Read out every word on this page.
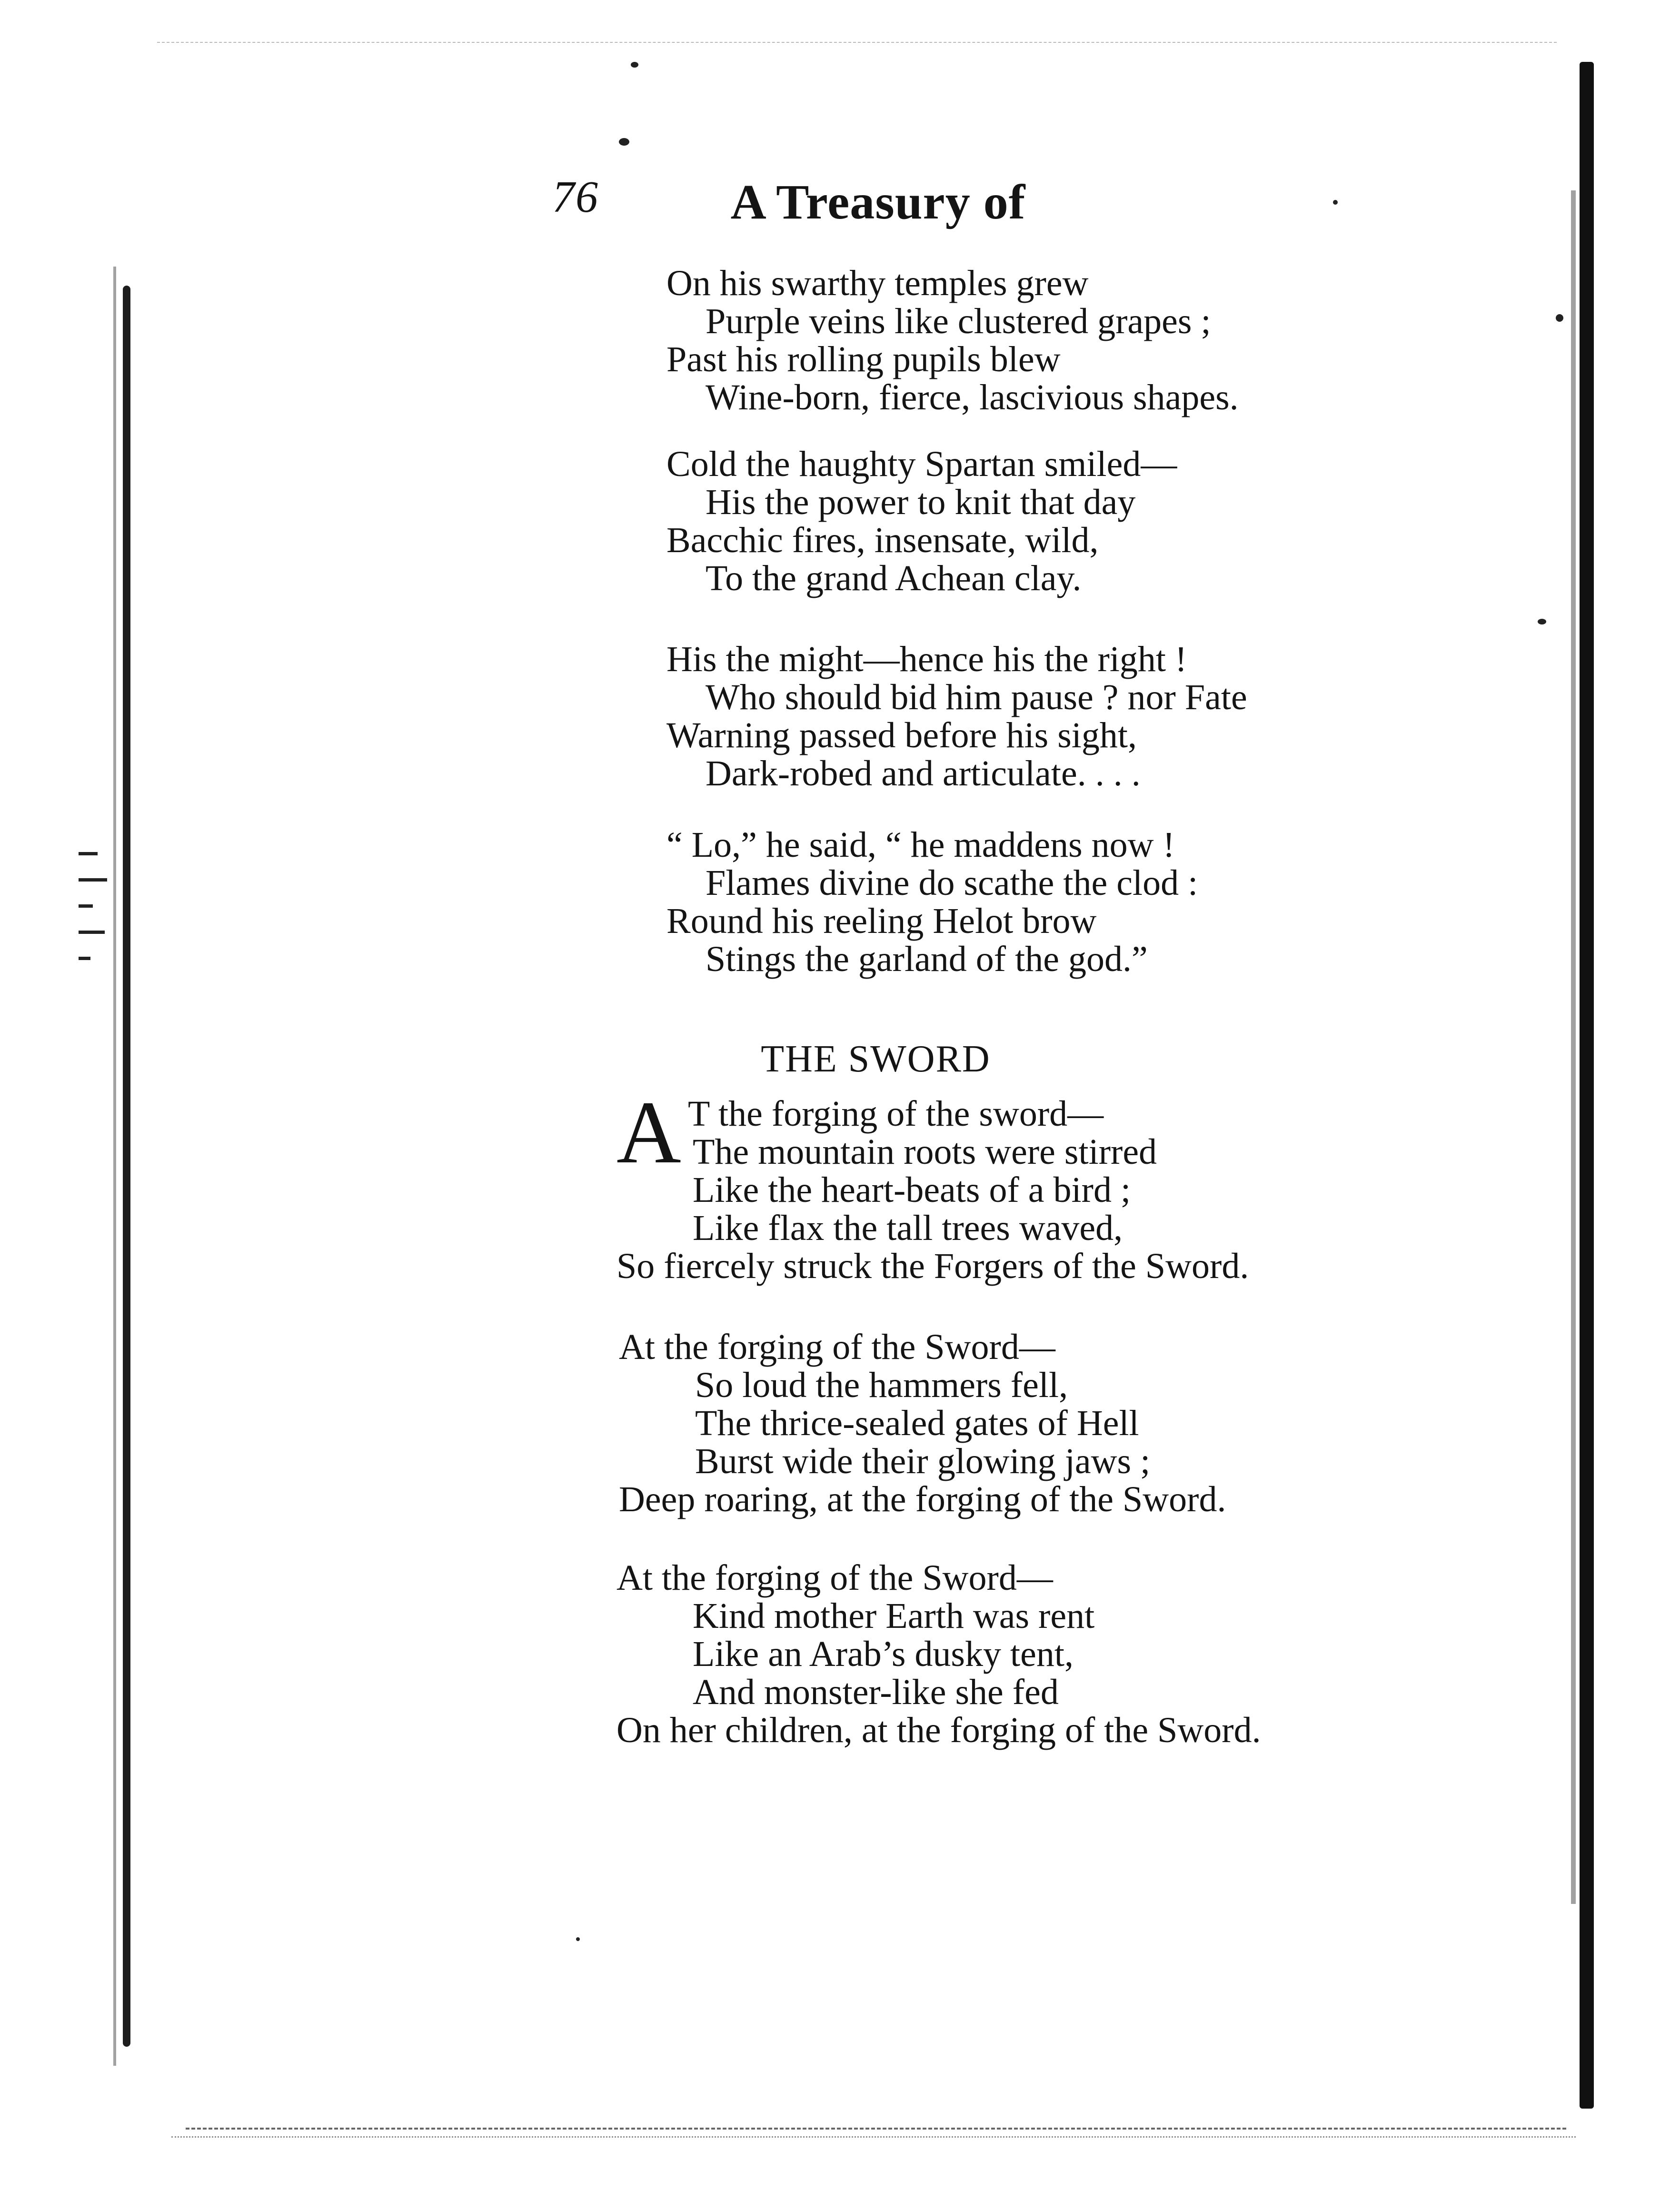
76	A Treasury of
On his swarthy temples grew
Purple veins like clustered grapes ;
Past his rolling pupils blew
Wine-born, fierce, lascivious shapes.
Cold the haughty Spartan smiled—
His the power to knit that day
Bacchic fires, insensate, wild,
To the grand Achean clay.
His the might—hence his the right !
Who should bid him pause ? nor Fate
Warning passed before his sight,
Dark-robed and articulate. . . .
“ Lo,” he said, “ he maddens now !
Flames divine do scathe the clod :
Round his reeling Helot brow
Stings the garland of the god.”
THE SWORD
A T the forging of the sword—
The mountain roots were stirred
Like the heart-beats of a bird ;
Like flax the tall trees waved,
So fiercely struck the Forgers of the Sword.
At the forging of the Sword—
So loud the hammers fell,
The thrice-sealed gates of Hell
Burst wide their glowing jaws ;
Deep roaring, at the forging of the Sword.
At the forging of the Sword—
Kind mother Earth was rent
Like an Arab’s dusky tent,
And monster-like she fed
On her children, at the forging of the Sword.
